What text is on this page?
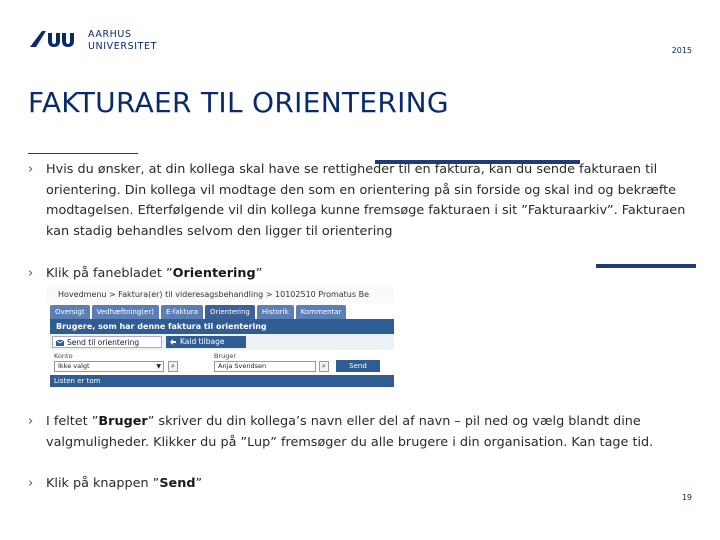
AARHUS
UNIVERSITET	2015
FAKTURAER TIL ORIENTERING
› Hvis du ønsker, at din kollega skal have se rettigheder til en faktura, kan du sende fakturaen til orientering. Din kollega vil modtage den som en orientering på sin forside og skal ind og bekræfte modtagelsen. Efterfølgende vil din kollega kunne fremsøge fakturaen i sit ”Fakturaarkiv”. Fakturaen kan stadig behandles selvom den ligger til orientering
› Klik på fanebladet ”Orientering”
Hovedmenu > Faktura(er) til videresagsbehandling > 10102510 Promatus Be
Oversigt	Vedhæftning(er)	E-faktura	Orientering	Historik	Kommentar
Brugere, som har denne faktura til orientering
Send til orientering	Kald tilbage
Konto
Ikke valgt	▼
Bruger
⌕	Anja Svendsen	⌕	Send
Listen er tom
› I feltet ”Bruger” skriver du din kollega’s navn eller del af navn – pil ned og vælg blandt dine valgmuligheder. Klikker du på ”Lup” fremsøger du alle brugere i din organisation. Kan tage tid.
› Klik på knappen ”Send”
19
